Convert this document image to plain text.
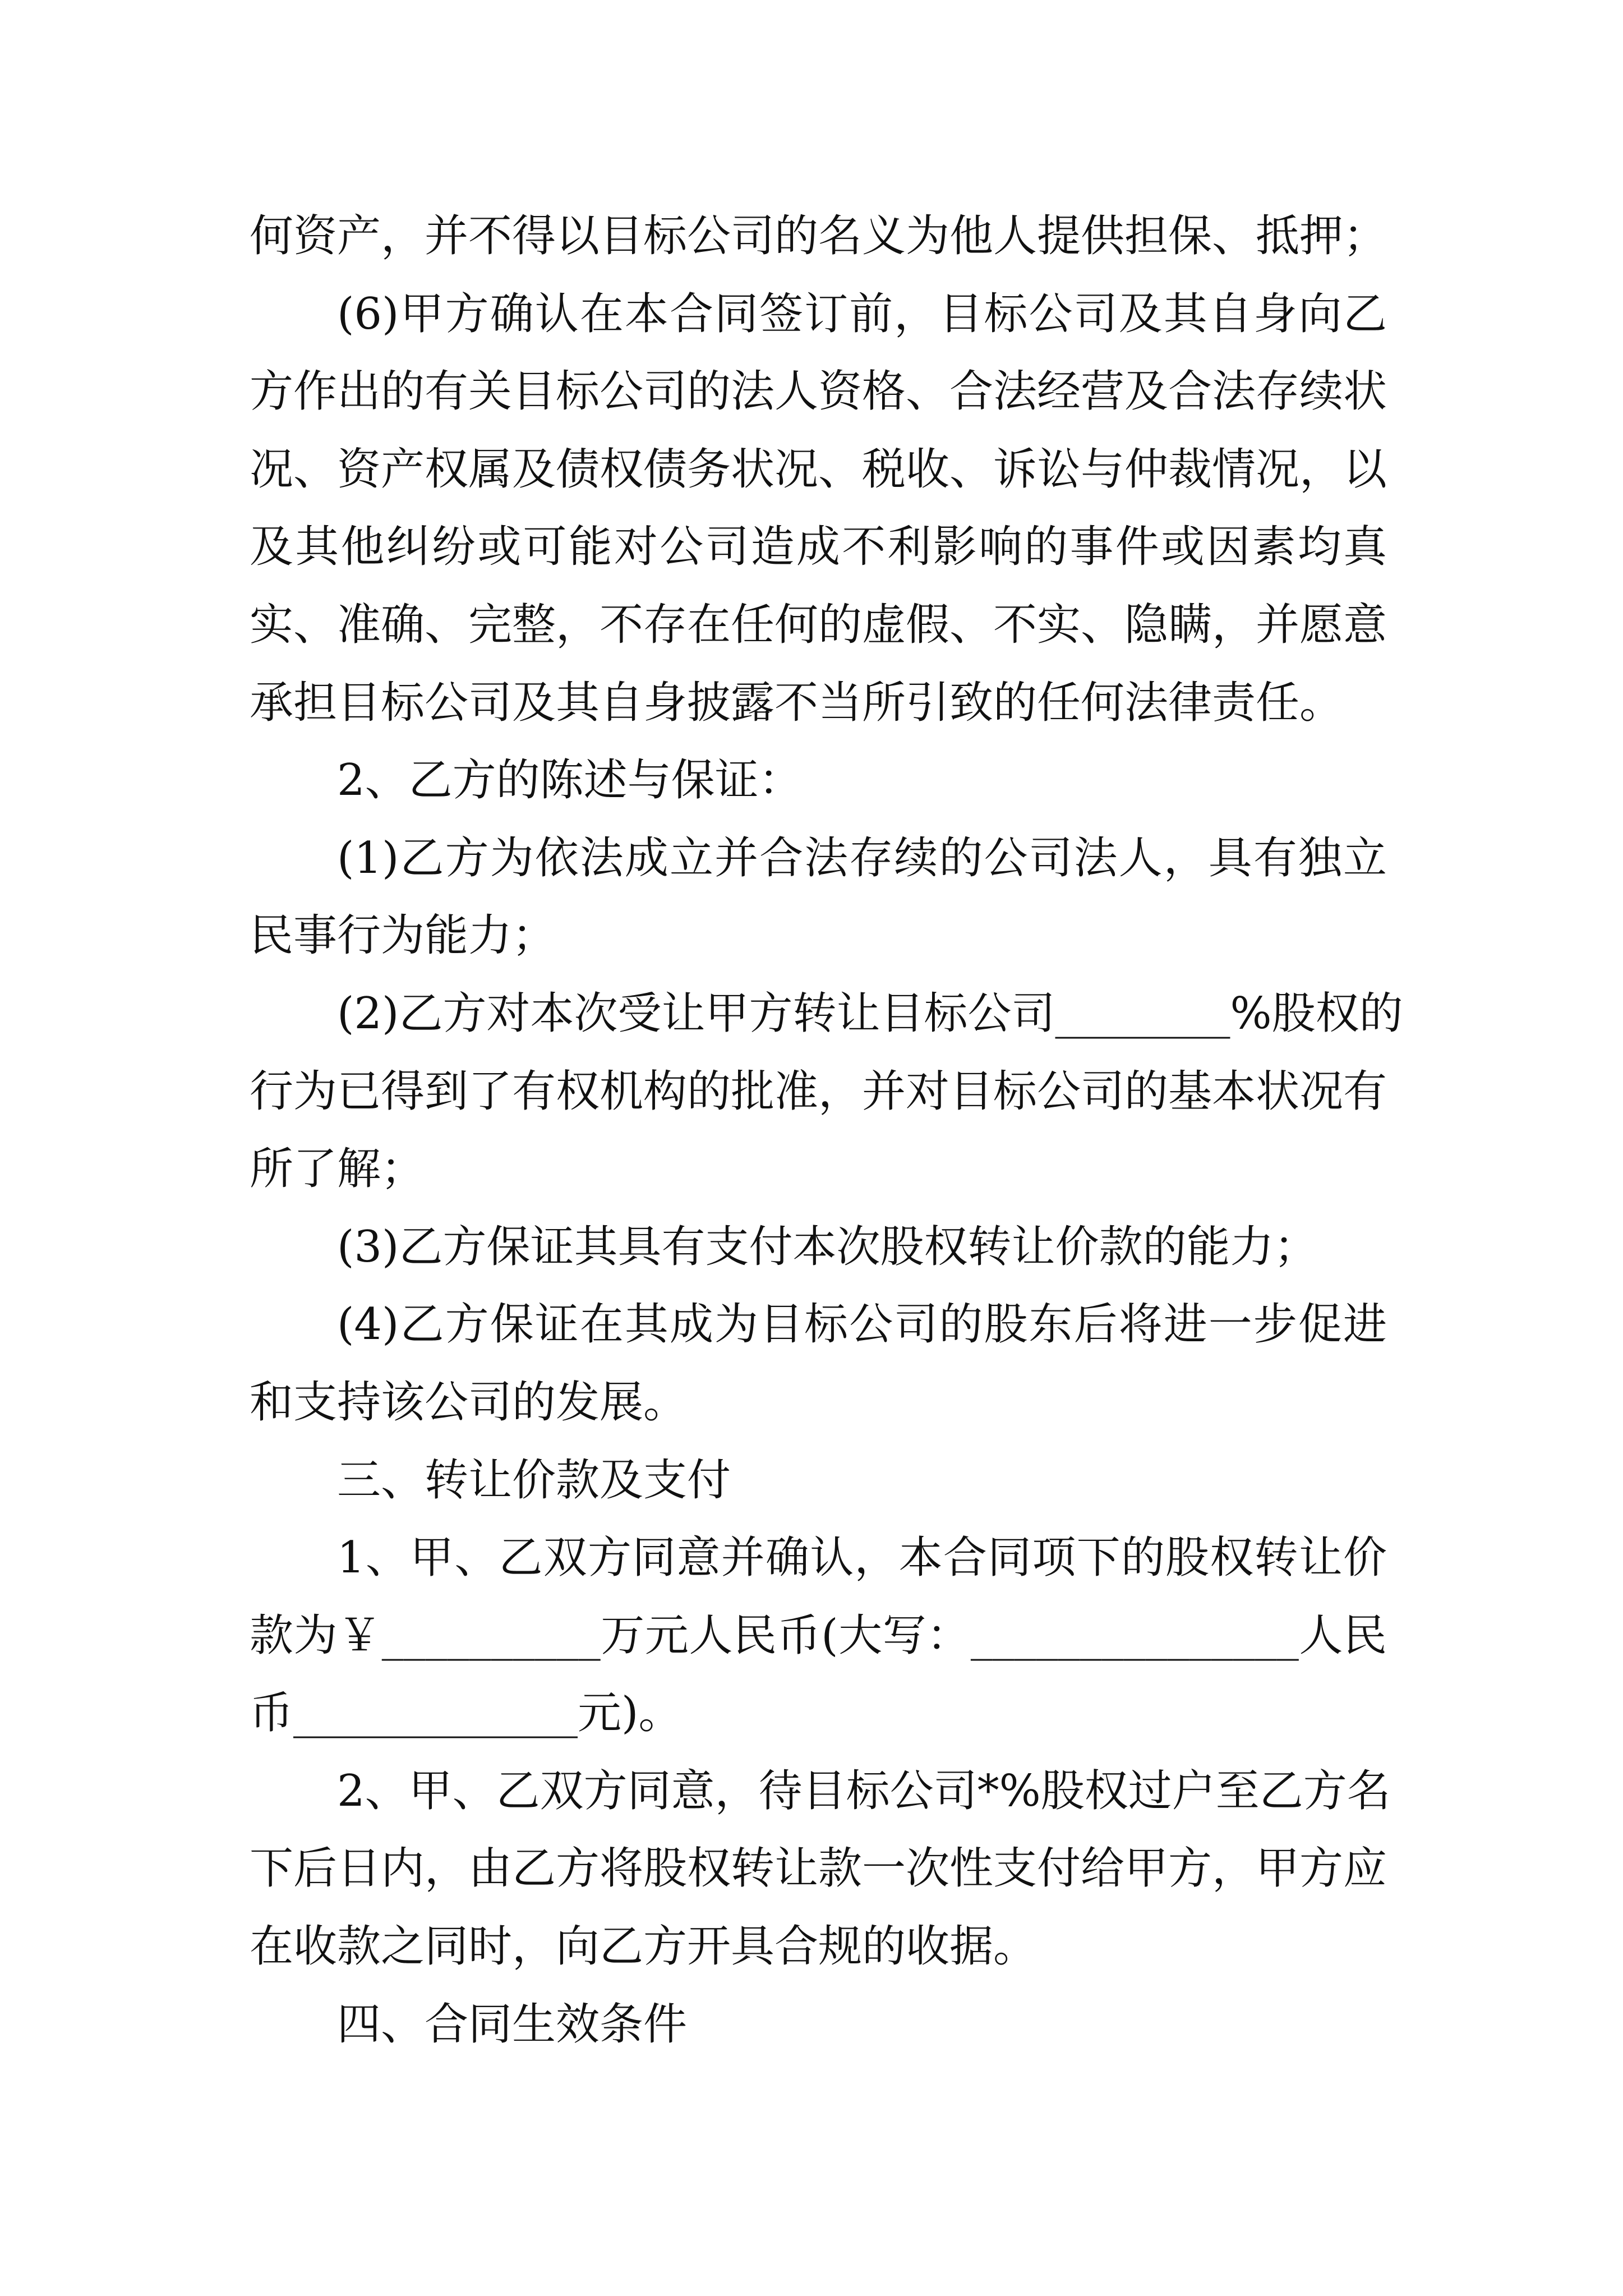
何资产，并不得以目标公司的名义为他人提供担保、抵押；
(6)甲方确认在本合同签订前，目标公司及其自身向乙
方作出的有关目标公司的法人资格、合法经营及合法存续状
况、资产权属及债权债务状况、税收、诉讼与仲裁情况，以
及其他纠纷或可能对公司造成不利影响的事件或因素均真
实、准确、完整，不存在任何的虚假、不实、隐瞒，并愿意
承担目标公司及其自身披露不当所引致的任何法律责任。
2、乙方的陈述与保证：
(1)乙方为依法成立并合法存续的公司法人，具有独立
民事行为能力；
(2)乙方对本次受让甲方转让目标公司________%股权的
行为已得到了有权机构的批准，并对目标公司的基本状况有
所了解；
(3)乙方保证其具有支付本次股权转让价款的能力；
(4)乙方保证在其成为目标公司的股东后将进一步促进
和支持该公司的发展。
三、转让价款及支付
1、甲、乙双方同意并确认，本合同项下的股权转让价
款为￥__________万元人民币(大写：_______________人民
币_____________元)。
2、甲、乙双方同意，待目标公司*%股权过户至乙方名
下后日内，由乙方将股权转让款一次性支付给甲方，甲方应
在收款之同时，向乙方开具合规的收据。
四、合同生效条件
